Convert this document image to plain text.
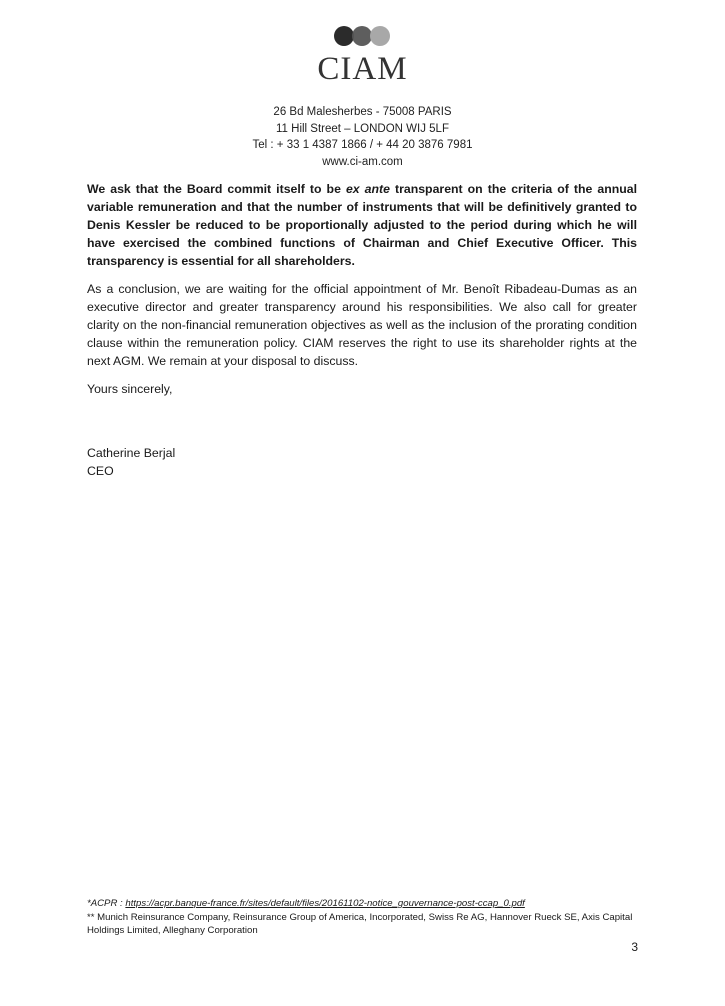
CIAM
26 Bd Malesherbes - 75008 PARIS
11 Hill Street – LONDON WIJ 5LF
Tel : + 33 1 4387 1866 / + 44 20 3876 7981
www.ci-am.com

We ask that the Board commit itself to be ex ante transparent on the criteria of the annual variable remuneration and that the number of instruments that will be definitively granted to Denis Kessler be reduced to be proportionally adjusted to the period during which he will have exercised the combined functions of Chairman and Chief Executive Officer. This transparency is essential for all shareholders.

As a conclusion, we are waiting for the official appointment of Mr. Benoît Ribadeau-Dumas as an executive director and greater transparency around his responsibilities. We also call for greater clarity on the non-financial remuneration objectives as well as the inclusion of the prorating condition clause within the remuneration policy. CIAM reserves the right to use its shareholder rights at the next AGM. We remain at your disposal to discuss.

Yours sincerely,

Catherine Berjal
CEO
*ACPR : https://acpr.banque-france.fr/sites/default/files/20161102-notice_gouvernance-post-ccap_0.pdf
** Munich Reinsurance Company, Reinsurance Group of America, Incorporated, Swiss Re AG, Hannover Rueck SE, Axis Capital Holdings Limited, Alleghany Corporation
3
